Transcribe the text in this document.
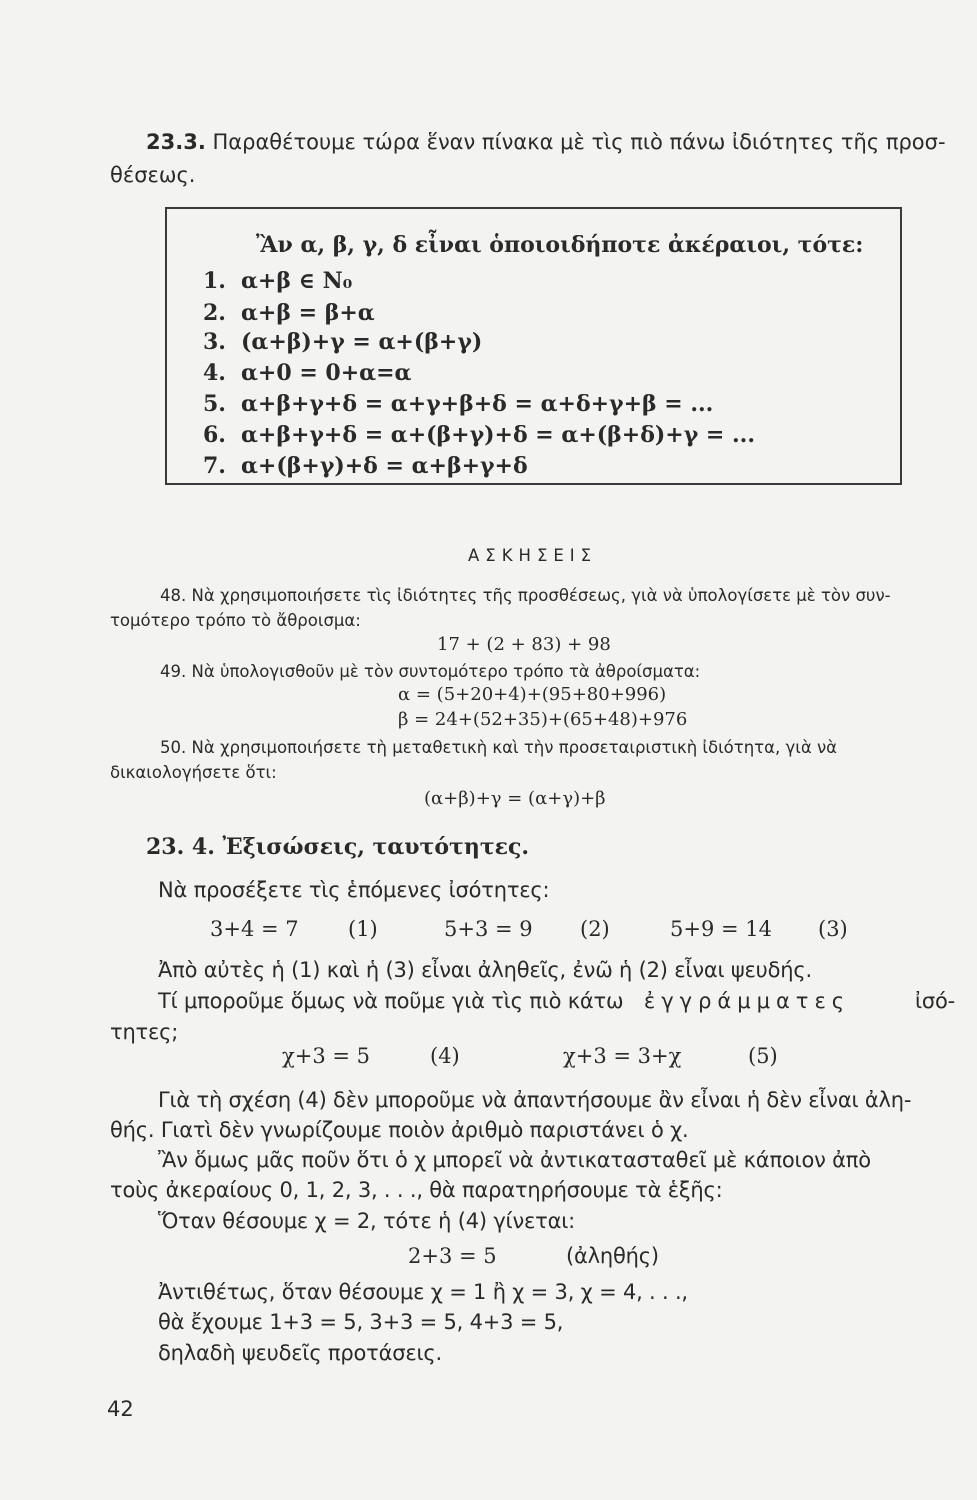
23.3. Παραθέτουμε τώρα ἕναν πίνακα μὲ τὶς πιὸ πάνω ἰδιότητες τῆς προσ-
θέσεως.
Ἂν α, β, γ, δ εἶναι ὁποιοιδήποτε ἀκέραιοι, τότε:
1. α+β ∈ N₀
2. α+β = β+α
3. (α+β)+γ = α+(β+γ)
4. α+0 = 0+α=α
5. α+β+γ+δ = α+γ+β+δ = α+δ+γ+β = ...
6. α+β+γ+δ = α+(β+γ)+δ = α+(β+δ)+γ = ...
7. α+(β+γ)+δ = α+β+γ+δ
ΑΣΚΗΣΕΙΣ
48. Νὰ χρησιμοποιήσετε τὶς ἰδιότητες τῆς προσθέσεως, γιὰ νὰ ὑπολογίσετε μὲ τὸν συν-
τομότερο τρόπο τὸ ἄθροισμα:
17 + (2 + 83) + 98
49. Νὰ ὑπολογισθοῦν μὲ τὸν συντομότερο τρόπο τὰ ἀθροίσματα:
α = (5+20+4)+(95+80+996)
β = 24+(52+35)+(65+48)+976
50. Νὰ χρησιμοποιήσετε τὴ μεταθετικὴ καὶ τὴν προσεταιριστικὴ ἰδιότητα, γιὰ νὰ
δικαιολογήσετε ὅτι:
(α+β)+γ = (α+γ)+β
23. 4. Ἐξισώσεις, ταυτότητες.
Νὰ προσέξετε τὶς ἑπόμενες ἰσότητες:
3+4 = 7 (1)	5+3 = 9 (2)	5+9 = 14 (3)
Ἀπὸ αὐτὲς ἡ (1) καὶ ἡ (3) εἶναι ἀληθεῖς, ἐνῶ ἡ (2) εἶναι ψευδής.
Τί μποροῦμε ὅμως νὰ ποῦμε γιὰ τὶς πιὸ κάτω ἐγγράμματες	ἰσό-
τητες;
χ+3 = 5	(4)	χ+3 = 3+χ	(5)
Γιὰ τὴ σχέση (4) δὲν μποροῦμε νὰ ἀπαντήσουμε ἂν εἶναι ἡ δὲν εἶναι ἀλη-
θής. Γιατὶ δὲν γνωρίζουμε ποιὸν ἀριθμὸ παριστάνει ὁ χ.
Ἂν ὅμως μᾶς ποῦν ὅτι ὁ χ μπορεῖ νὰ ἀντικατασταθεῖ μὲ κάποιον ἀπὸ
τοὺς ἀκεραίους 0, 1, 2, 3, . . ., θὰ παρατηρήσουμε τὰ ἑξῆς:
Ὅταν θέσουμε χ = 2, τότε ἡ (4) γίνεται:
2+3 = 5	(ἀληθής)
Ἀντιθέτως, ὅταν θέσουμε χ = 1 ἢ χ = 3, χ = 4, . . .,
θὰ ἔχουμε 1+3 = 5, 3+3 = 5, 4+3 = 5,
δηλαδὴ ψευδεῖς προτάσεις.
42
